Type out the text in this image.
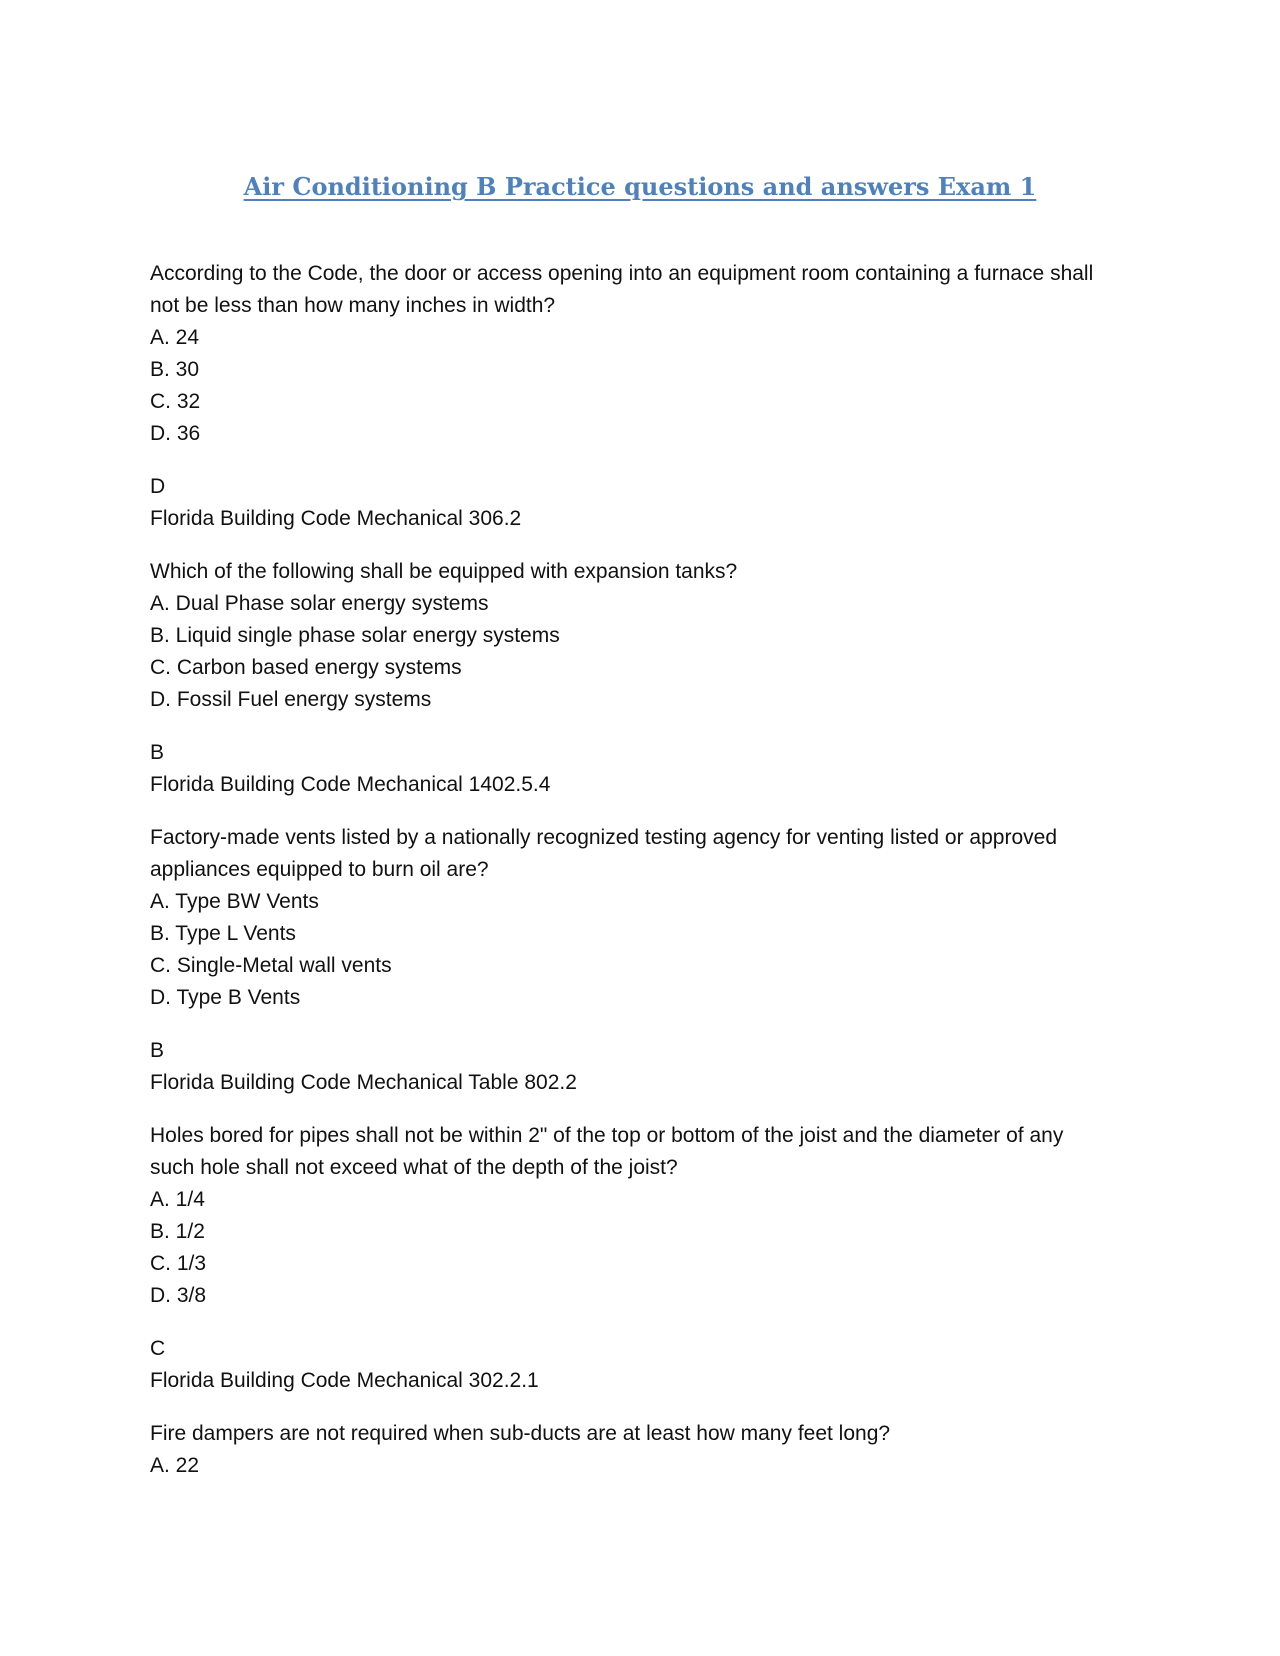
Air Conditioning B Practice questions and answers Exam 1

According to the Code, the door or access opening into an equipment room containing a furnace shall not be less than how many inches in width?

A. 24

B. 30

C. 32

D. 36

D

Florida Building Code Mechanical 306.2

Which of the following shall be equipped with expansion tanks?

A. Dual Phase solar energy systems

B. Liquid single phase solar energy systems

C. Carbon based energy systems

D. Fossil Fuel energy systems

B

Florida Building Code Mechanical 1402.5.4

Factory-made vents listed by a nationally recognized testing agency for venting listed or approved appliances equipped to burn oil are?

A. Type BW Vents

B. Type L Vents

C. Single-Metal wall vents

D. Type B Vents

B

Florida Building Code Mechanical Table 802.2

Holes bored for pipes shall not be within 2" of the top or bottom of the joist and the diameter of any such hole shall not exceed what of the depth of the joist?

A. 1/4

B. 1/2

C. 1/3

D. 3/8

C

Florida Building Code Mechanical 302.2.1

Fire dampers are not required when sub-ducts are at least how many feet long?

A. 22
